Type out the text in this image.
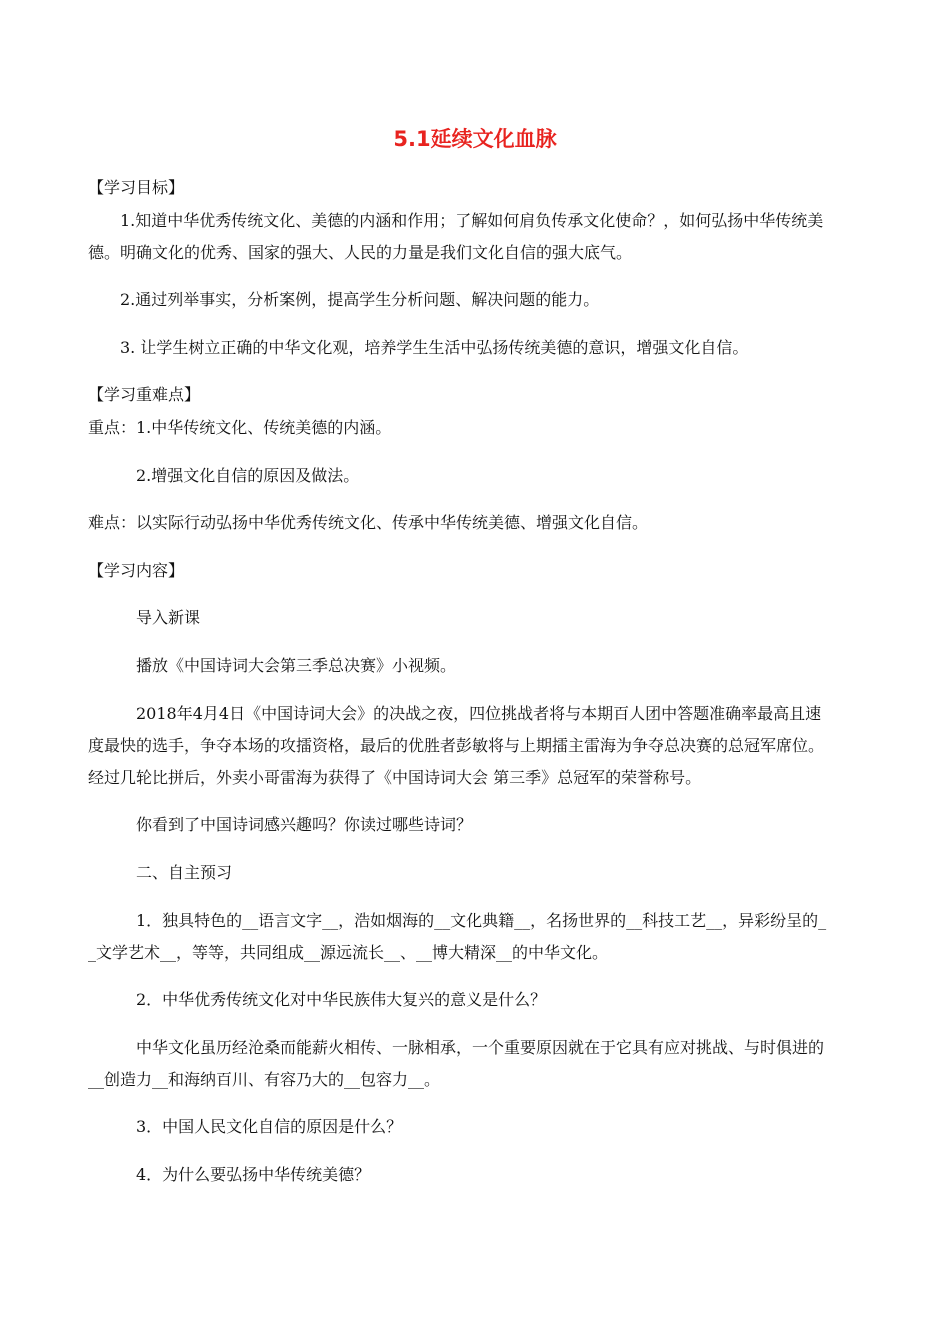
5.1延续文化血脉
【学习目标】
1.知道中华优秀传统文化、美德的内涵和作用；了解如何肩负传承文化使命？，如何弘扬中华传统美
德。明确文化的优秀、国家的强大、人民的力量是我们文化自信的强大底气。
2.通过列举事实，分析案例，提高学生分析问题、解决问题的能力。
3. 让学生树立正确的中华文化观，培养学生生活中弘扬传统美德的意识，增强文化自信。
【学习重难点】
重点：1.中华传统文化、传统美德的内涵。
2.增强文化自信的原因及做法。
难点：以实际行动弘扬中华优秀传统文化、传承中华传统美德、增强文化自信。
【学习内容】
导入新课
播放《中国诗词大会第三季总决赛》小视频。
2018年4月4日《中国诗词大会》的决战之夜，四位挑战者将与本期百人团中答题准确率最高且速
度最快的选手，争夺本场的攻擂资格，最后的优胜者彭敏将与上期擂主雷海为争夺总决赛的总冠军席位。
经过几轮比拼后，外卖小哥雷海为获得了《中国诗词大会 第三季》总冠军的荣誉称号。
你看到了中国诗词感兴趣吗？你读过哪些诗词？
二、自主预习
1．独具特色的__语言文字__，浩如烟海的__文化典籍__，名扬世界的__科技工艺__，异彩纷呈的_
_文学艺术__，等等，共同组成__源远流长__、__博大精深__的中华文化。
2．中华优秀传统文化对中华民族伟大复兴的意义是什么？
中华文化虽历经沧桑而能薪火相传、一脉相承，一个重要原因就在于它具有应对挑战、与时俱进的
__创造力__和海纳百川、有容乃大的__包容力__。
3．中国人民文化自信的原因是什么？
4．为什么要弘扬中华传统美德？
